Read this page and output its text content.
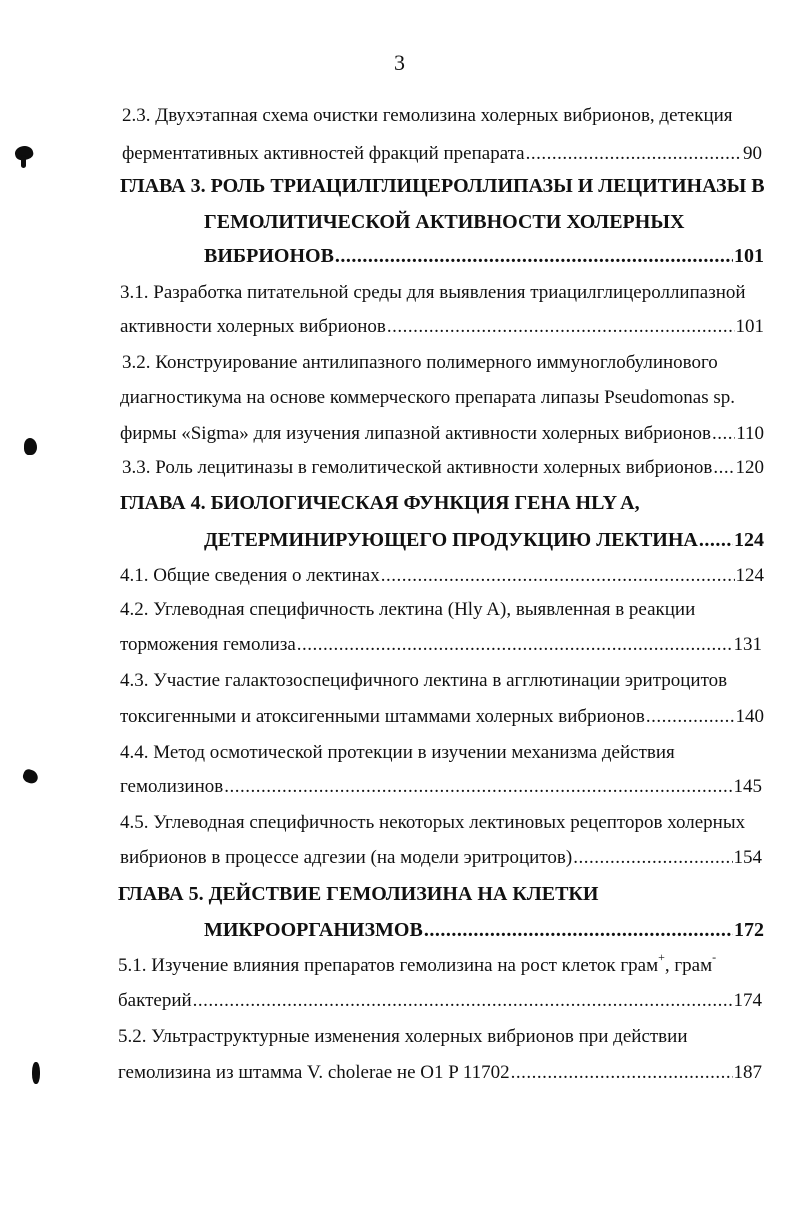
3
2.3. Двухэтапная схема очистки гемолизина холерных вибрионов, детекция
ферментативных активностей фракций препарата .....	90
ГЛАВА 3. РОЛЬ ТРИАЦИЛГЛИЦЕРОЛЛИПАЗЫ И ЛЕЦИТИНАЗЫ В
ГЕМОЛИТИЧЕСКОЙ АКТИВНОСТИ ХОЛЕРНЫХ
ВИБРИОНОВ .....	101
3.1. Разработка питательной среды для выявления триацилглицероллипазной
активности холерных вибрионов .....	101
3.2. Конструирование антилипазного полимерного иммуноглобулинового
диагностикума на основе коммерческого препарата липазы Pseudomonas sp.
фирмы «Sigma» для изучения липазной активности холерных вибрионов ..... 110
3.3. Роль лецитиназы в гемолитической активности холерных вибрионов ..... 120
ГЛАВА 4. БИОЛОГИЧЕСКАЯ ФУНКЦИЯ ГЕНА HLY A,
ДЕТЕРМИНИРУЮЩЕГО ПРОДУКЦИЮ ЛЕКТИНА ..... 124
4.1. Общие сведения о лектинах .....	124
4.2. Углеводная специфичность лектина (Hly A), выявленная в реакции
торможения гемолиза .....	131
4.3. Участие галактозоспецифичного лектина в агглютинации эритроцитов
токсигенными и атоксигенными штаммами холерных вибрионов .....	140
4.4. Метод осмотической протекции в изучении механизма действия
гемолизинов .....	145
4.5. Углеводная специфичность некоторых лектиновых рецепторов холерных
вибрионов в процессе адгезии (на модели эритроцитов) .....	154
ГЛАВА 5. ДЕЙСТВИЕ ГЕМОЛИЗИНА НА КЛЕТКИ
МИКРООРГАНИЗМОВ .....	172
5.1. Изучение влияния препаратов гемолизина на рост клеток грам+, грам-
бактерий .....	174
5.2. Ультраструктурные изменения холерных вибрионов при действии
гемолизина из штамма V. cholerae не O1 P 11702 .....	187
